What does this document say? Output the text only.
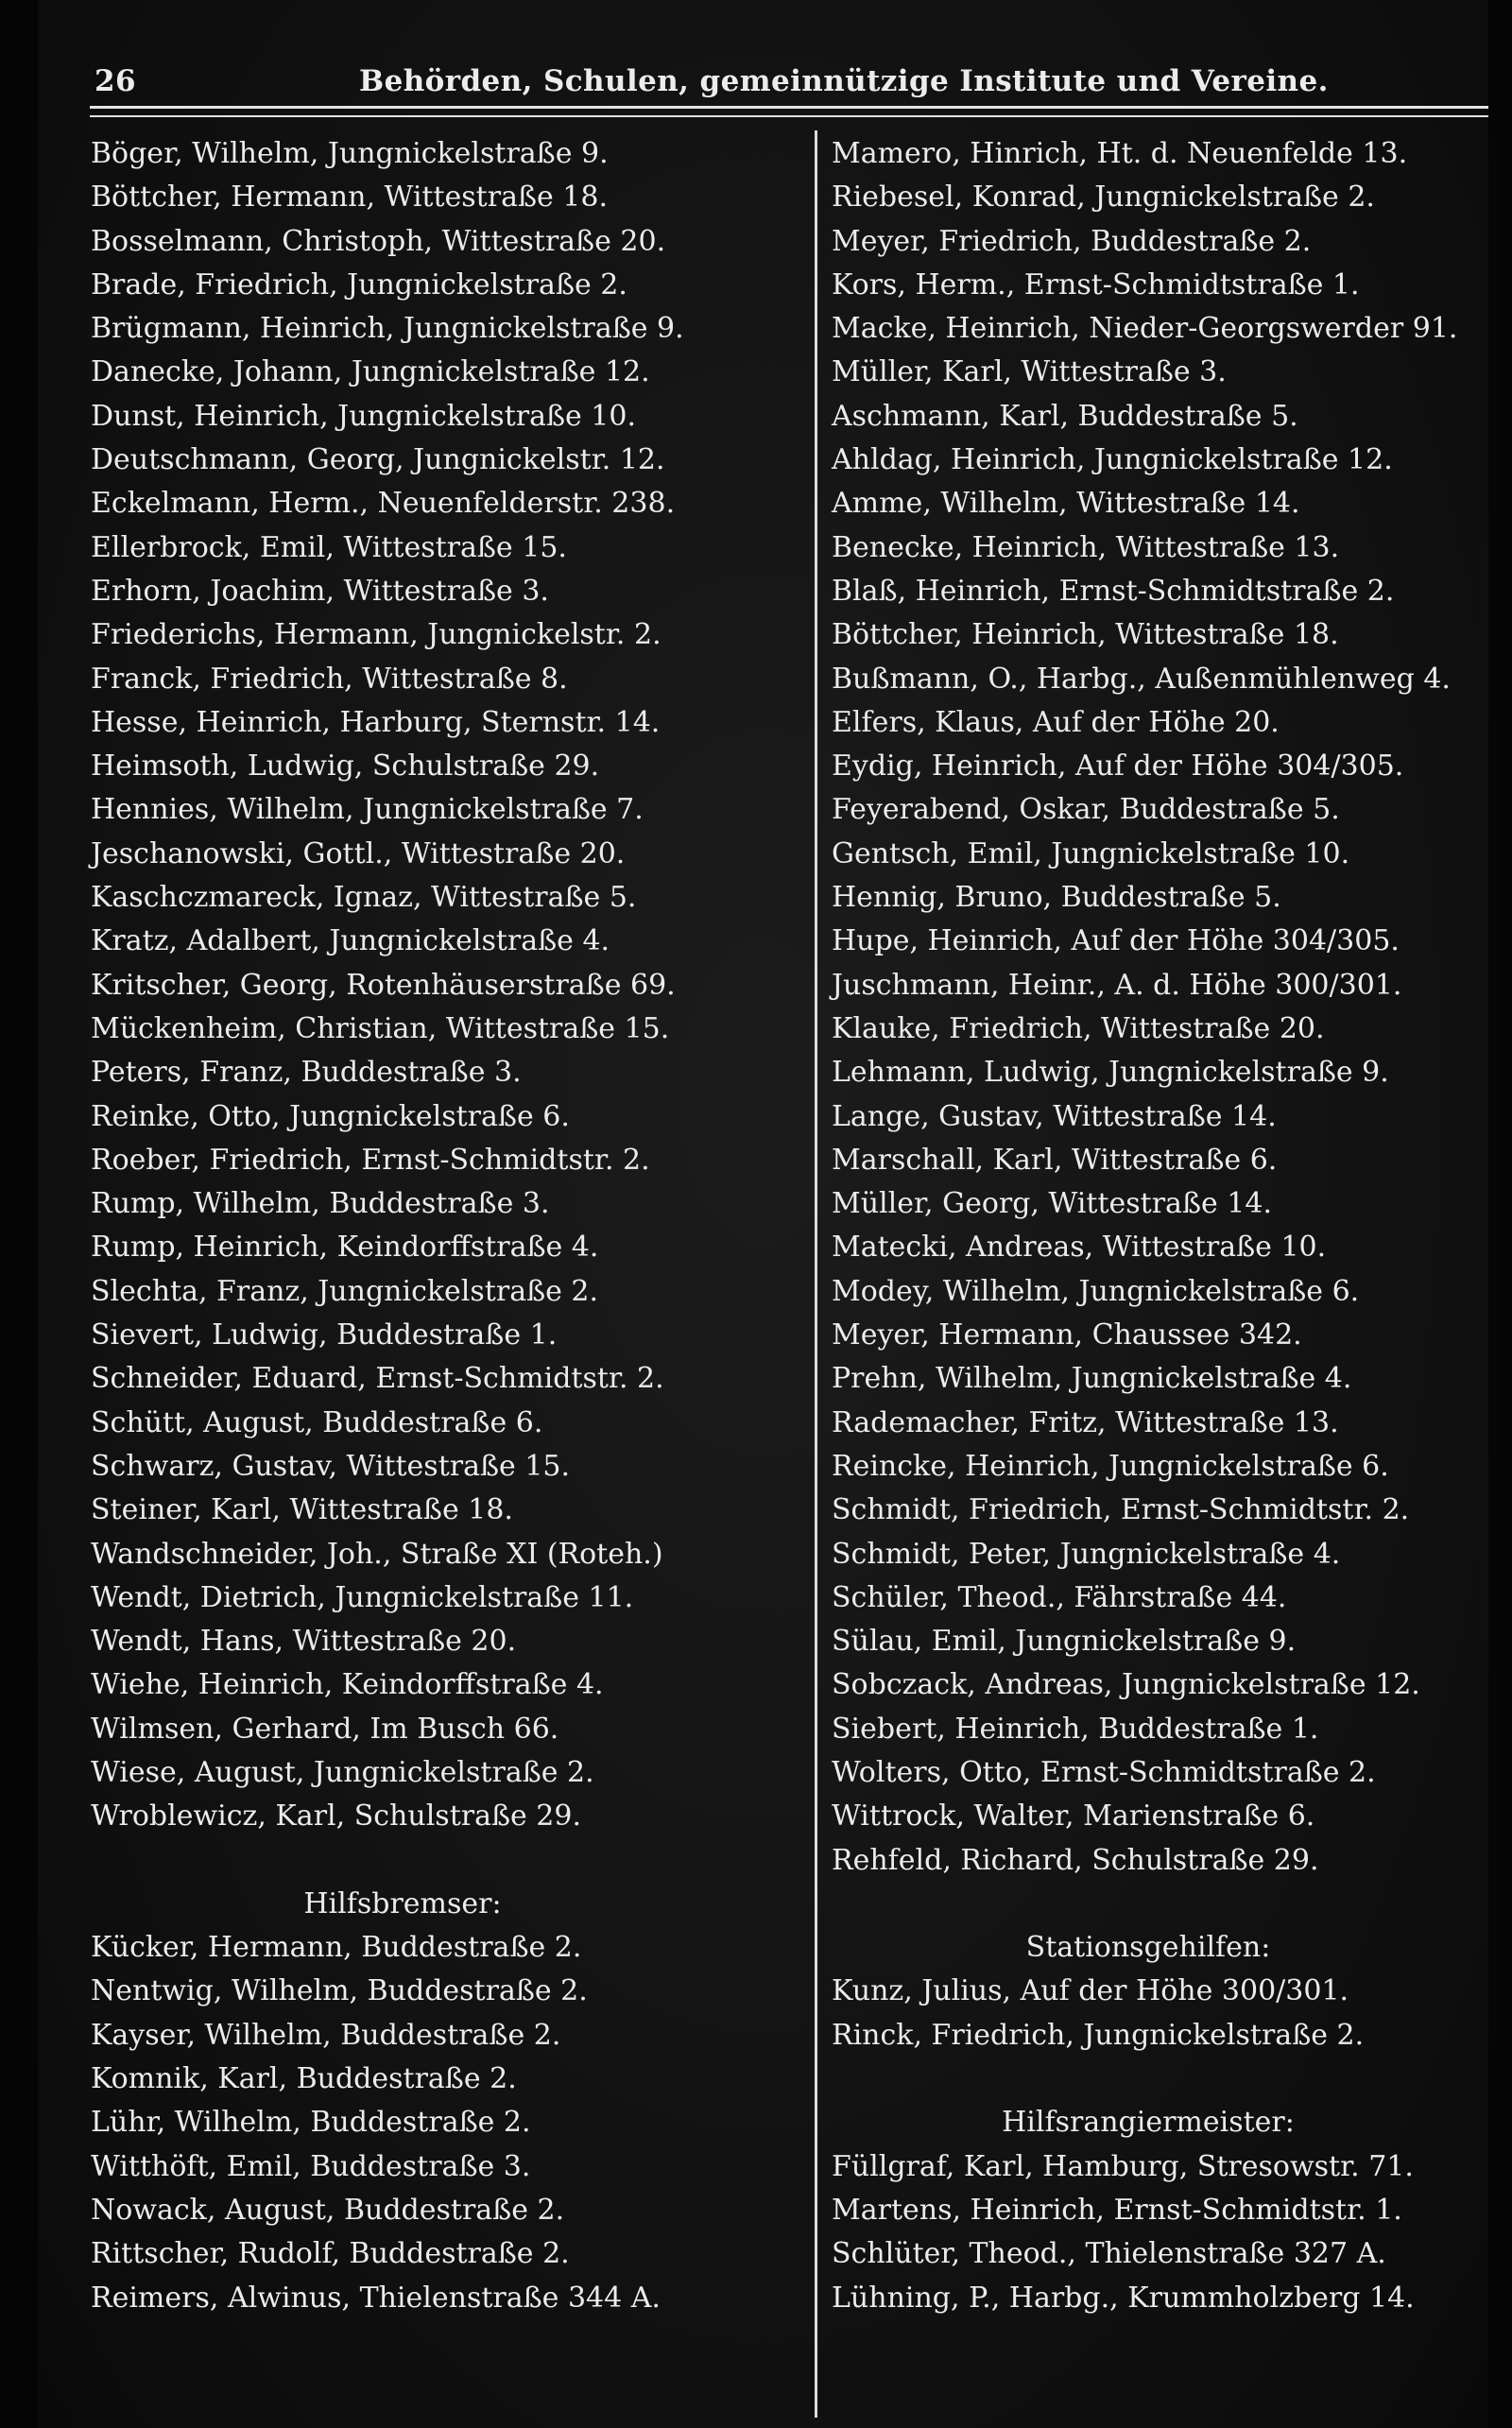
26	Behörden, Schulen, gemeinnützige Institute und Vereine.
Böger, Wilhelm, Jungnickelstraße 9.
Böttcher, Hermann, Wittestraße 18.
Bosselmann, Christoph, Wittestraße 20.
Brade, Friedrich, Jungnickelstraße 2.
Brügmann, Heinrich, Jungnickelstraße 9.
Danecke, Johann, Jungnickelstraße 12.
Dunst, Heinrich, Jungnickelstraße 10.
Deutschmann, Georg, Jungnickelstr. 12.
Eckelmann, Herm., Neuenfelderstr. 238.
Ellerbrock, Emil, Wittestraße 15.
Erhorn, Joachim, Wittestraße 3.
Friederichs, Hermann, Jungnickelstr. 2.
Franck, Friedrich, Wittestraße 8.
Hesse, Heinrich, Harburg, Sternstr. 14.
Heimsoth, Ludwig, Schulstraße 29.
Hennies, Wilhelm, Jungnickelstraße 7.
Jeschanowski, Gottl., Wittestraße 20.
Kaschczmareck, Ignaz, Wittestraße 5.
Kratz, Adalbert, Jungnickelstraße 4.
Kritscher, Georg, Rotenhäuserstraße 69.
Mückenheim, Christian, Wittestraße 15.
Peters, Franz, Buddestraße 3.
Reinke, Otto, Jungnickelstraße 6.
Roeber, Friedrich, Ernst-Schmidtstr. 2.
Rump, Wilhelm, Buddestraße 3.
Rump, Heinrich, Keindorffstraße 4.
Slechta, Franz, Jungnickelstraße 2.
Sievert, Ludwig, Buddestraße 1.
Schneider, Eduard, Ernst-Schmidtstr. 2.
Schütt, August, Buddestraße 6.
Schwarz, Gustav, Wittestraße 15.
Steiner, Karl, Wittestraße 18.
Wandschneider, Joh., Straße XI (Roteh.)
Wendt, Dietrich, Jungnickelstraße 11.
Wendt, Hans, Wittestraße 20.
Wiehe, Heinrich, Keindorffstraße 4.
Wilmsen, Gerhard, Im Busch 66.
Wiese, August, Jungnickelstraße 2.
Wroblewicz, Karl, Schulstraße 29.
Hilfsbremser:
Kücker, Hermann, Buddestraße 2.
Nentwig, Wilhelm, Buddestraße 2.
Kayser, Wilhelm, Buddestraße 2.
Komnik, Karl, Buddestraße 2.
Lühr, Wilhelm, Buddestraße 2.
Witthöft, Emil, Buddestraße 3.
Nowack, August, Buddestraße 2.
Rittscher, Rudolf, Buddestraße 2.
Reimers, Alwinus, Thielenstraße 344 A.
Mamero, Hinrich, Ht. d. Neuenfelde 13.
Riebesel, Konrad, Jungnickelstraße 2.
Meyer, Friedrich, Buddestraße 2.
Kors, Herm., Ernst-Schmidtstraße 1.
Macke, Heinrich, Nieder-Georgswerder 91.
Müller, Karl, Wittestraße 3.
Aschmann, Karl, Buddestraße 5.
Ahldag, Heinrich, Jungnickelstraße 12.
Amme, Wilhelm, Wittestraße 14.
Benecke, Heinrich, Wittestraße 13.
Blaß, Heinrich, Ernst-Schmidtstraße 2.
Böttcher, Heinrich, Wittestraße 18.
Bußmann, O., Harbg., Außenmühlenweg 4.
Elfers, Klaus, Auf der Höhe 20.
Eydig, Heinrich, Auf der Höhe 304/305.
Feyerabend, Oskar, Buddestraße 5.
Gentsch, Emil, Jungnickelstraße 10.
Hennig, Bruno, Buddestraße 5.
Hupe, Heinrich, Auf der Höhe 304/305.
Juschmann, Heinr., A. d. Höhe 300/301.
Klauke, Friedrich, Wittestraße 20.
Lehmann, Ludwig, Jungnickelstraße 9.
Lange, Gustav, Wittestraße 14.
Marschall, Karl, Wittestraße 6.
Müller, Georg, Wittestraße 14.
Matecki, Andreas, Wittestraße 10.
Modey, Wilhelm, Jungnickelstraße 6.
Meyer, Hermann, Chaussee 342.
Prehn, Wilhelm, Jungnickelstraße 4.
Rademacher, Fritz, Wittestraße 13.
Reincke, Heinrich, Jungnickelstraße 6.
Schmidt, Friedrich, Ernst-Schmidtstr. 2.
Schmidt, Peter, Jungnickelstraße 4.
Schüler, Theod., Fährstraße 44.
Sülau, Emil, Jungnickelstraße 9.
Sobczack, Andreas, Jungnickelstraße 12.
Siebert, Heinrich, Buddestraße 1.
Wolters, Otto, Ernst-Schmidtstraße 2.
Wittrock, Walter, Marienstraße 6.
Rehfeld, Richard, Schulstraße 29.
Stationsgehilfen:
Kunz, Julius, Auf der Höhe 300/301.
Rinck, Friedrich, Jungnickelstraße 2.
Hilfsrangiermeister:
Füllgraf, Karl, Hamburg, Stresowstr. 71.
Martens, Heinrich, Ernst-Schmidtstr. 1.
Schlüter, Theod., Thielenstraße 327 A.
Lühning, P., Harbg., Krummholzberg 14.
